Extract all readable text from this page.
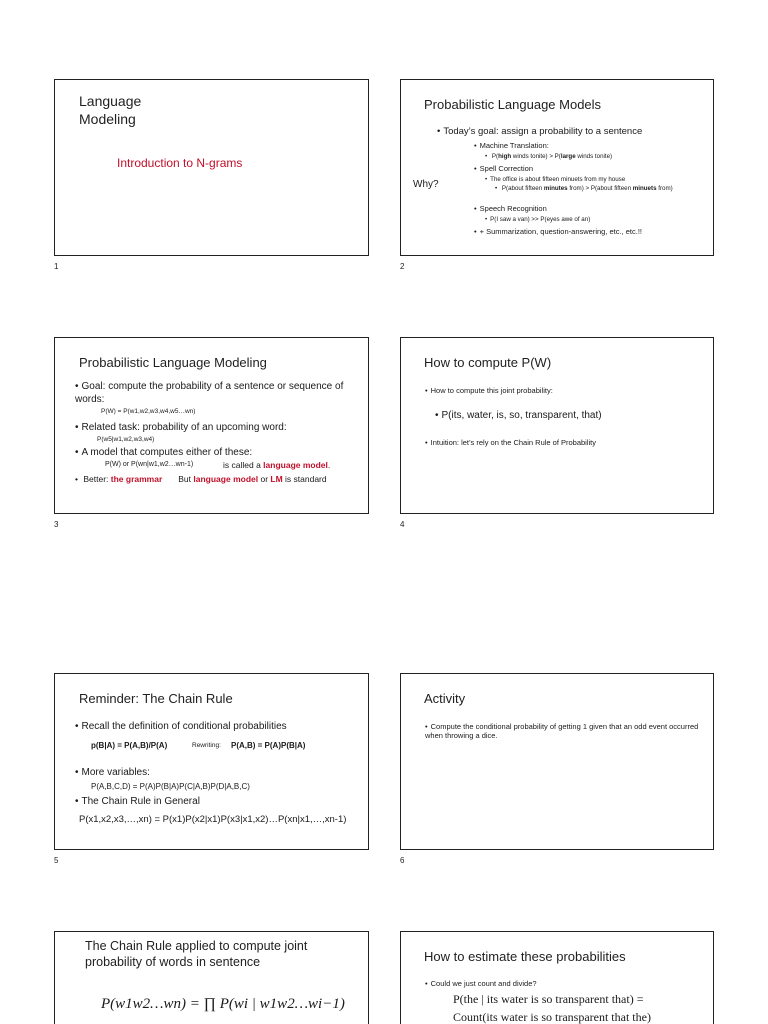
Language
Modeling
Introduction to N-grams
1
Probabilistic Language Models
• Today’s goal: assign a probability to a sentence
Why?
• Machine Translation:
• P(high winds tonite) > P(large winds tonite)
• Spell Correction
• The office is about fifteen minuets from my house
• P(about fifteen minutes from) > P(about fifteen minuets from)
• Speech Recognition
• P(I saw a van) >> P(eyes awe of an)
• + Summarization, question-answering, etc., etc.!!
2
Probabilistic Language Modeling
• Goal: compute the probability of a sentence or sequence of words:
P(W) = P(w1,w2,w3,w4,w5…wn)
• Related task: probability of an upcoming word:
P(w5|w1,w2,w3,w4)
• A model that computes either of these:
P(W) or P(wn|w1,w2…wn-1)	is called a language model.
• Better: the grammar But language model or LM is standard
3
How to compute P(W)
• How to compute this joint probability:
• P(its, water, is, so, transparent, that)
• Intuition: let’s rely on the Chain Rule of Probability
4
Reminder: The Chain Rule
• Recall the definition of conditional probabilities
p(B|A) = P(A,B)/P(A)	Rewriting: P(A,B) = P(A)P(B|A)
• More variables:
P(A,B,C,D) = P(A)P(B|A)P(C|A,B)P(D|A,B,C)
• The Chain Rule in General
P(x1,x2,x3,…,xn) = P(x1)P(x2|x1)P(x3|x1,x2)…P(xn|x1,…,xn-1)
5
Activity
• Compute the conditional probability of getting 1 given that an odd event occurred when throwing a dice.
6
The Chain Rule applied to compute joint
probability of words in sentence
P(w1w2…wn) = ∏ P(wi | w1w2…wi−1)
How to estimate these probabilities
• Could we just count and divide?
P(the | its water is so transparent that) =
Count(its water is so transparent that the)
